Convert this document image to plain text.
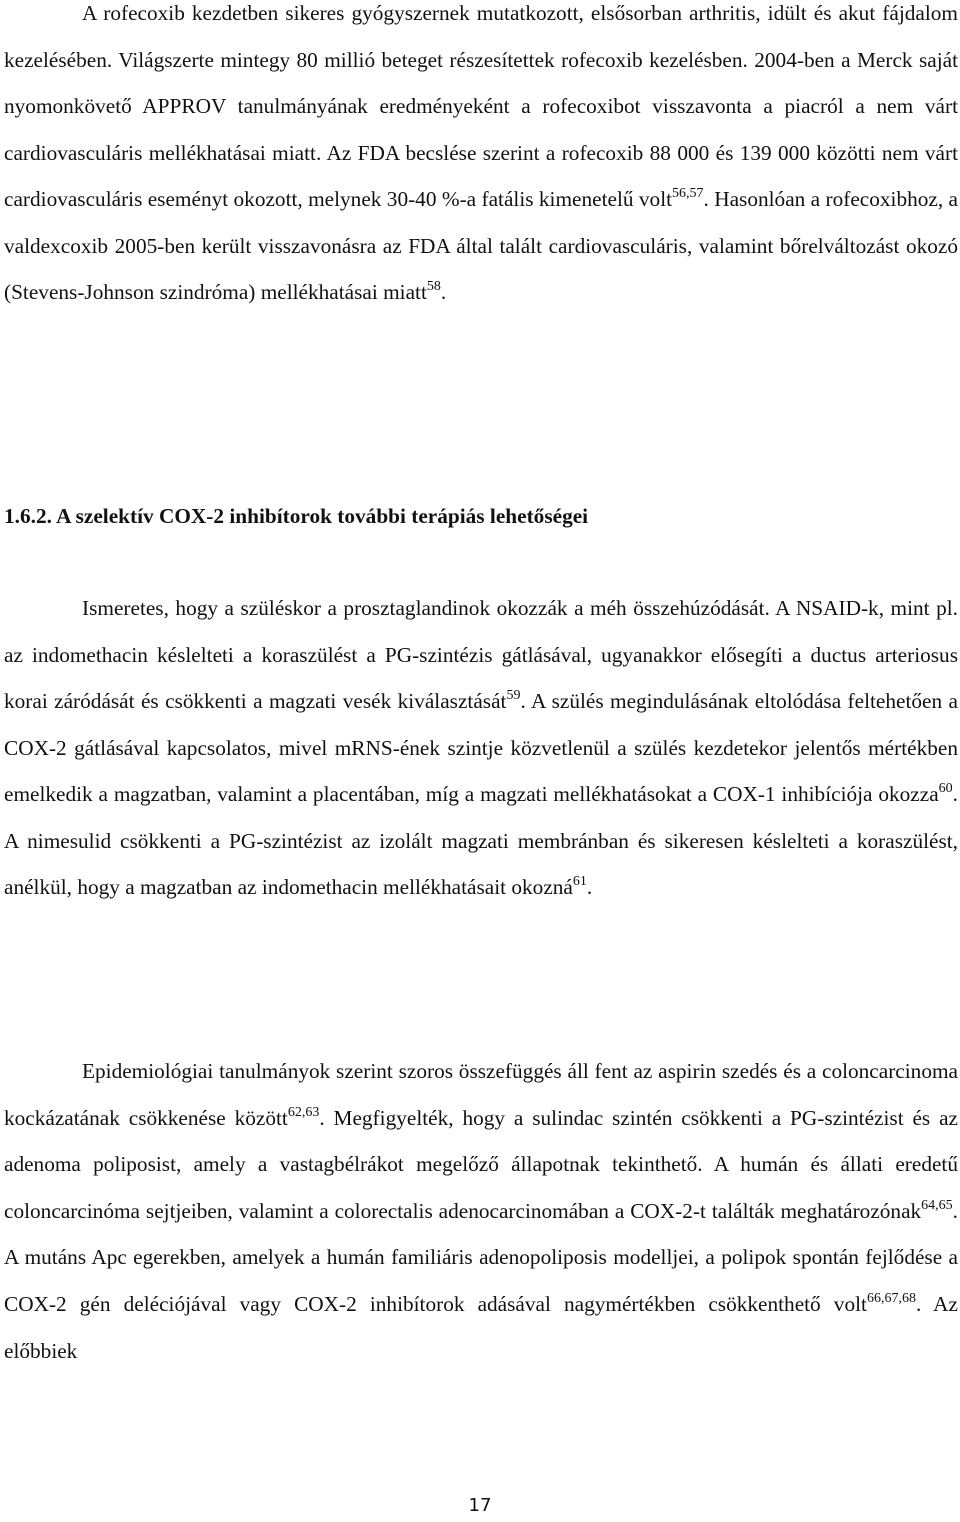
A rofecoxib kezdetben sikeres gyógyszernek mutatkozott, elsősorban arthritis, idült és akut fájdalom kezelésében. Világszerte mintegy 80 millió beteget részesítettek rofecoxib kezelésben. 2004-ben a Merck saját nyomonkövető APPROV tanulmányának eredményeként a rofecoxibot visszavonta a piacról a nem várt cardiovasculáris mellékhatásai miatt. Az FDA becslése szerint a rofecoxib 88 000 és 139 000 közötti nem várt cardiovasculáris eseményt okozott, melynek 30-40 %-a fatális kimenetelű volt$^{56,57}$. Hasonlóan a rofecoxibhoz, a valdexcoxib 2005-ben került visszavonásra az FDA által talált cardiovasculáris, valamint bőrelváltozást okozó (Stevens-Johnson szindróma) mellékhatásai miatt$^{58}$.

1.6.2. A szelektív COX-2 inhibítorok további terápiás lehetőségei

Ismeretes, hogy a szüléskor a prosztaglandinok okozzák a méh összehúzódását. A NSAID-k, mint pl. az indomethacin késlelteti a koraszülést a PG-szintézis gátlásával, ugyanakkor elősegíti a ductus arteriosus korai záródását és csökkenti a magzati vesék kiválasztását$^{59}$. A szülés megindulásának eltolódása feltehetően a COX-2 gátlásával kapcsolatos, mivel mRNS-ének szintje közvetlenül a szülés kezdetekor jelentős mértékben emelkedik a magzatban, valamint a placentában, míg a magzati mellékhatásokat a COX-1 inhibíciója okozza$^{60}$. A nimesulid csökkenti a PG-szintézist az izolált magzati membránban és sikeresen késlelteti a koraszülést, anélkül, hogy a magzatban az indomethacin mellékhatásait okozná$^{61}$.

Epidemiológiai tanulmányok szerint szoros összefüggés áll fent az aspirin szedés és a coloncarcinoma kockázatának csökkenése között$^{62,63}$. Megfigyelték, hogy a sulindac szintén csökkenti a PG-szintézist és az adenoma poliposist, amely a vastagbélrákot megelőző állapotnak tekinthető. A humán és állati eredetű coloncarcinóma sejtjeiben, valamint a colorectalis adenocarcinomában a COX-2-t találták meghatározónak$^{64,65}$. A mutáns Apc egerekben, amelyek a humán familiáris adenopoliposis modelljei, a polipok spontán fejlődése a COX-2 gén deléciójával vagy COX-2 inhibítorok adásával nagymértékben csökkenthető volt$^{66,67,68}$. Az előbbiek

17
